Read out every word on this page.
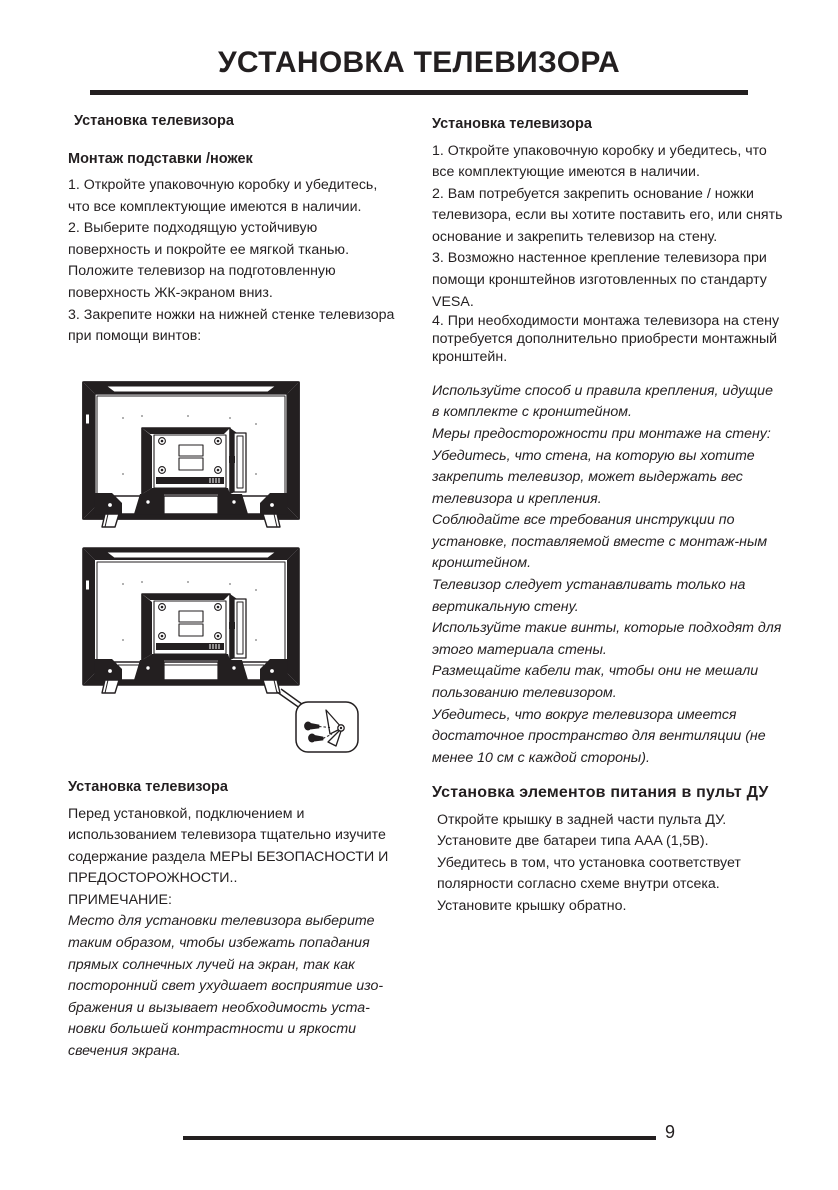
УСТАНОВКА ТЕЛЕВИЗОРА
Установка телевизора
Монтаж подставки /ножек

1. Откройте упаковочную коробку и убедитесь, что все комплектующие имеются в наличии.
2. Выберите подходящую устойчивую поверхность и покройте ее мягкой тканью. Положите телевизор на подготовленную поверхность ЖК-экраном вниз.
3. Закрепите ножки на нижней стенке телевизора при помощи винтов:

Установка телевизора

Перед установкой, подключением и использованием телевизора тщательно изучите содержание раздела МЕРЫ БЕЗОПАСНОСТИ И ПРЕДОСТОРОЖНОСТИ..

ПРИМЕЧАНИЕ:

Место для установки телевизора выберите таким образом, чтобы избежать попадания прямых солнечных лучей на экран, так как посторонний свет ухудшает восприятие изо-бражения и вызывает необходимость уста-новки большей контрастности и яркости свечения экрана.

Установка телевизора

1. Откройте упаковочную коробку и убедитесь, что все комплектующие имеются в наличии.
2. Вам потребуется закрепить основание / ножки телевизора, если вы хотите поставить его, или снять основание и закрепить телевизор на стену.
3. Возможно настенное крепление телевизора при помощи кронштейнов изготовленных по стандарту VESA.

4. При необходимости монтажа телевизора на стену потребуется дополнительно приобрести монтажный кронштейн.

Используйте способ и правила крепления, идущие в комплекте с кронштейном.
Меры предосторожности при монтаже на стену:
Убедитесь, что стена, на которую вы хотите закрепить телевизор, может выдержать вес телевизора и крепления.
Соблюдайте все требования инструкции по установке, поставляемой вместе с монтаж-ным кронштейном.
Телевизор следует устанавливать только на вертикальную стену.
Используйте такие винты, которые подходят для этого материала стены.
Размещайте кабели так, чтобы они не мешали пользованию телевизором.
Убедитесь, что вокруг телевизора имеется достаточное пространство для вентиляции (не менее 10 см с каждой стороны).

Установка элементов питания в пульт ДУ

Откройте крышку в задней части пульта ДУ.
Установите две батареи типа AAA (1,5В).
Убедитесь в том, что установка соответствует полярности согласно схеме внутри отсека.
Установите крышку обратно.

9
